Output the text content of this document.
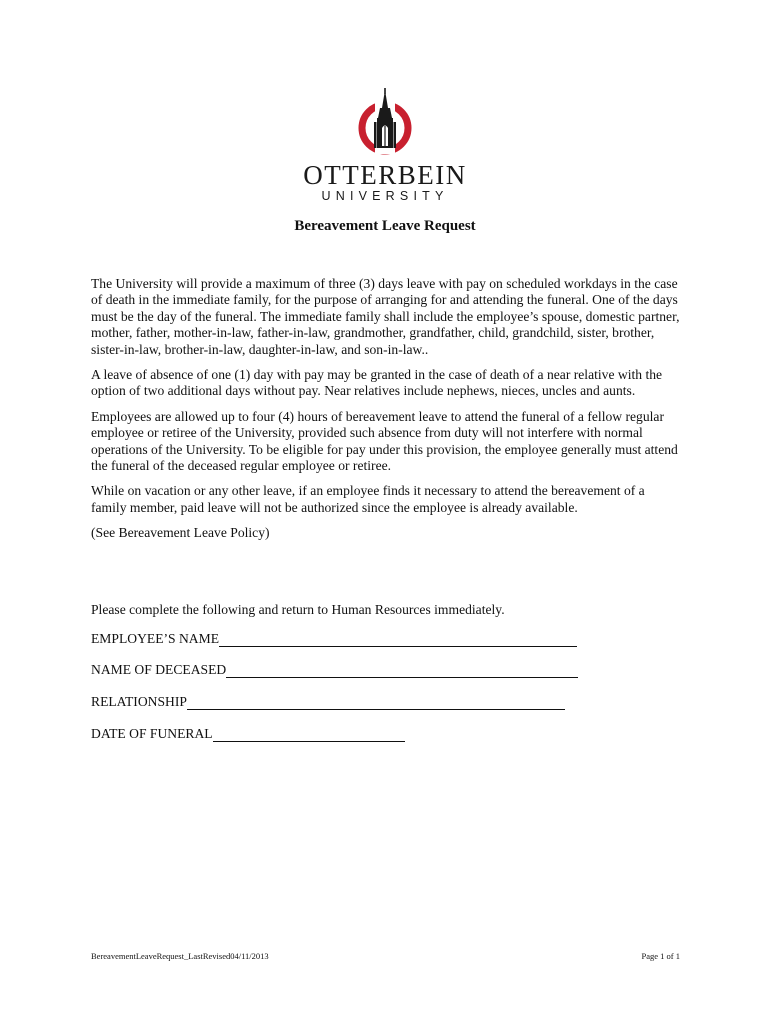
OTTERBEIN
UNIVERSITY
Bereavement Leave Request

The University will provide a maximum of three (3) days leave with pay on scheduled workdays in the case of death in the immediate family, for the purpose of arranging for and attending the funeral. One of the days must be the day of the funeral. The immediate family shall include the employee’s spouse, domestic partner, mother, father, mother-in-law, father-in-law, grandmother, grandfather, child, grandchild, sister, brother, sister-in-law, brother-in-law, daughter-in-law, and son-in-law..

A leave of absence of one (1) day with pay may be granted in the case of death of a near relative with the option of two additional days without pay. Near relatives include nephews, nieces, uncles and aunts.

Employees are allowed up to four (4) hours of bereavement leave to attend the funeral of a fellow regular employee or retiree of the University, provided such absence from duty will not interfere with normal operations of the University. To be eligible for pay under this provision, the employee generally must attend the funeral of the deceased regular employee or retiree.

While on vacation or any other leave, if an employee finds it necessary to attend the bereavement of a family member, paid leave will not be authorized since the employee is already available.

(See Bereavement Leave Policy)

Please complete the following and return to Human Resources immediately.
EMPLOYEE’S NAME
NAME OF DECEASED
RELATIONSHIP
DATE OF FUNERAL
BereavementLeaveRequest_LastRevised04/11/2013	Page 1 of 1
